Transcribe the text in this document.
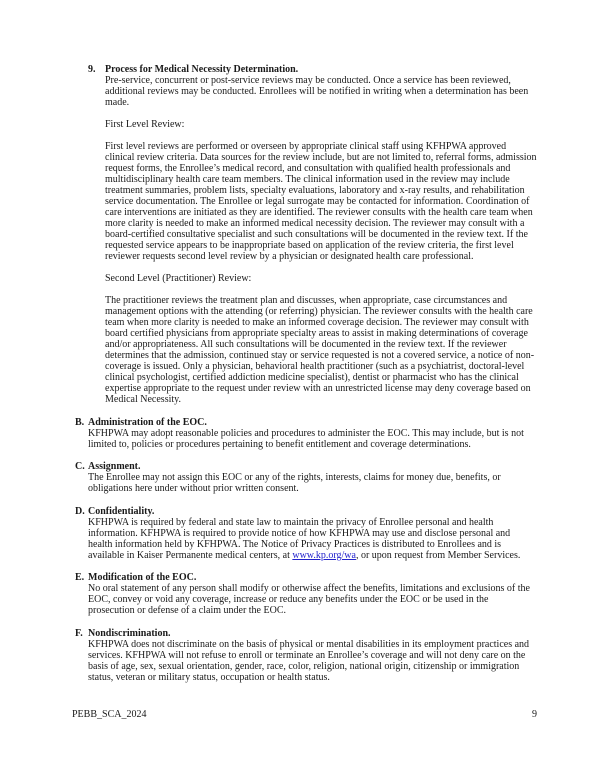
9. Process for Medical Necessity Determination.

Pre-service, concurrent or post-service reviews may be conducted. Once a service has been reviewed, additional reviews may be conducted. Enrollees will be notified in writing when a determination has been made.

First Level Review:

First level reviews are performed or overseen by appropriate clinical staff using KFHPWA approved clinical review criteria. Data sources for the review include, but are not limited to, referral forms, admission request forms, the Enrollee’s medical record, and consultation with qualified health professionals and multidisciplinary health care team members. The clinical information used in the review may include treatment summaries, problem lists, specialty evaluations, laboratory and x-ray results, and rehabilitation service documentation. The Enrollee or legal surrogate may be contacted for information. Coordination of care interventions are initiated as they are identified. The reviewer consults with the health care team when more clarity is needed to make an informed medical necessity decision. The reviewer may consult with a board-certified consultative specialist and such consultations will be documented in the review text. If the requested service appears to be inappropriate based on application of the review criteria, the first level reviewer requests second level review by a physician or designated health care professional.

Second Level (Practitioner) Review:

The practitioner reviews the treatment plan and discusses, when appropriate, case circumstances and management options with the attending (or referring) physician. The reviewer consults with the health care team when more clarity is needed to make an informed coverage decision. The reviewer may consult with board certified physicians from appropriate specialty areas to assist in making determinations of coverage and/or appropriateness. All such consultations will be documented in the review text. If the reviewer determines that the admission, continued stay or service requested is not a covered service, a notice of non-coverage is issued. Only a physician, behavioral health practitioner (such as a psychiatrist, doctoral-level clinical psychologist, certified addiction medicine specialist), dentist or pharmacist who has the clinical expertise appropriate to the request under review with an unrestricted license may deny coverage based on Medical Necessity.

B. Administration of the EOC.

KFHPWA may adopt reasonable policies and procedures to administer the EOC. This may include, but is not limited to, policies or procedures pertaining to benefit entitlement and coverage determinations.

C. Assignment.

The Enrollee may not assign this EOC or any of the rights, interests, claims for money due, benefits, or obligations here under without prior written consent.

D. Confidentiality.

KFHPWA is required by federal and state law to maintain the privacy of Enrollee personal and health information. KFHPWA is required to provide notice of how KFHPWA may use and disclose personal and health information held by KFHPWA. The Notice of Privacy Practices is distributed to Enrollees and is available in Kaiser Permanente medical centers, at www.kp.org/wa, or upon request from Member Services.

E. Modification of the EOC.

No oral statement of any person shall modify or otherwise affect the benefits, limitations and exclusions of the EOC, convey or void any coverage, increase or reduce any benefits under the EOC or be used in the prosecution or defense of a claim under the EOC.

F. Nondiscrimination.

KFHPWA does not discriminate on the basis of physical or mental disabilities in its employment practices and services. KFHPWA will not refuse to enroll or terminate an Enrollee’s coverage and will not deny care on the basis of age, sex, sexual orientation, gender, race, color, religion, national origin, citizenship or immigration status, veteran or military status, occupation or health status.

PEBB_SCA_2024	9
